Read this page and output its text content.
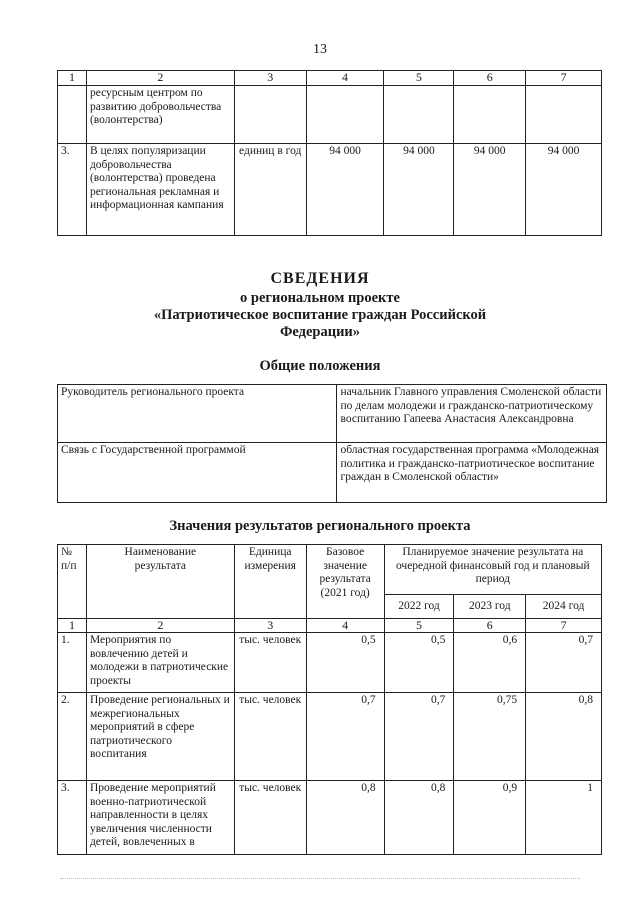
13
1	2	3	4	5	6	7
	ресурсным центром по развитию добровольчества (волонтерства)					
3.	В целях популяризации добровольчества (волонтерства) проведена региональная рекламная и информационная кампания	единиц в год	94 000	94 000	94 000	94 000
СВЕДЕНИЯ
о региональном проекте
«Патриотическое воспитание граждан Российской
Федерации»
Общие положения
Руководитель регионального проекта	начальник Главного управления Смоленской области по делам молодежи и гражданско-патриотическому воспитанию Гапеева Анастасия Александровна
Связь с Государственной программой	областная государственная программа «Молодежная политика и гражданско-патриотическое воспитание граждан в Смоленской области»
Значения результатов регионального проекта
№ п/п	Наименование результата	Единица измерения	Базовое значение результата (2021 год)	Планируемое значение результата на очередной финансовый год и плановый период		
				2022 год	2023 год	2024 год
1	2	3	4	5	6	7
1.	Мероприятия по вовлечению детей и молодежи в патриотические проекты	тыс. человек	0,5	0,5	0,6	0,7
2.	Проведение региональных и межрегиональных мероприятий в сфере патриотического воспитания	тыс. человек	0,7	0,7	0,75	0,8
3.	Проведение мероприятий военно-патриотической направленности в целях увеличения численности детей, вовлеченных в	тыс. человек	0,8	0,8	0,9	1
